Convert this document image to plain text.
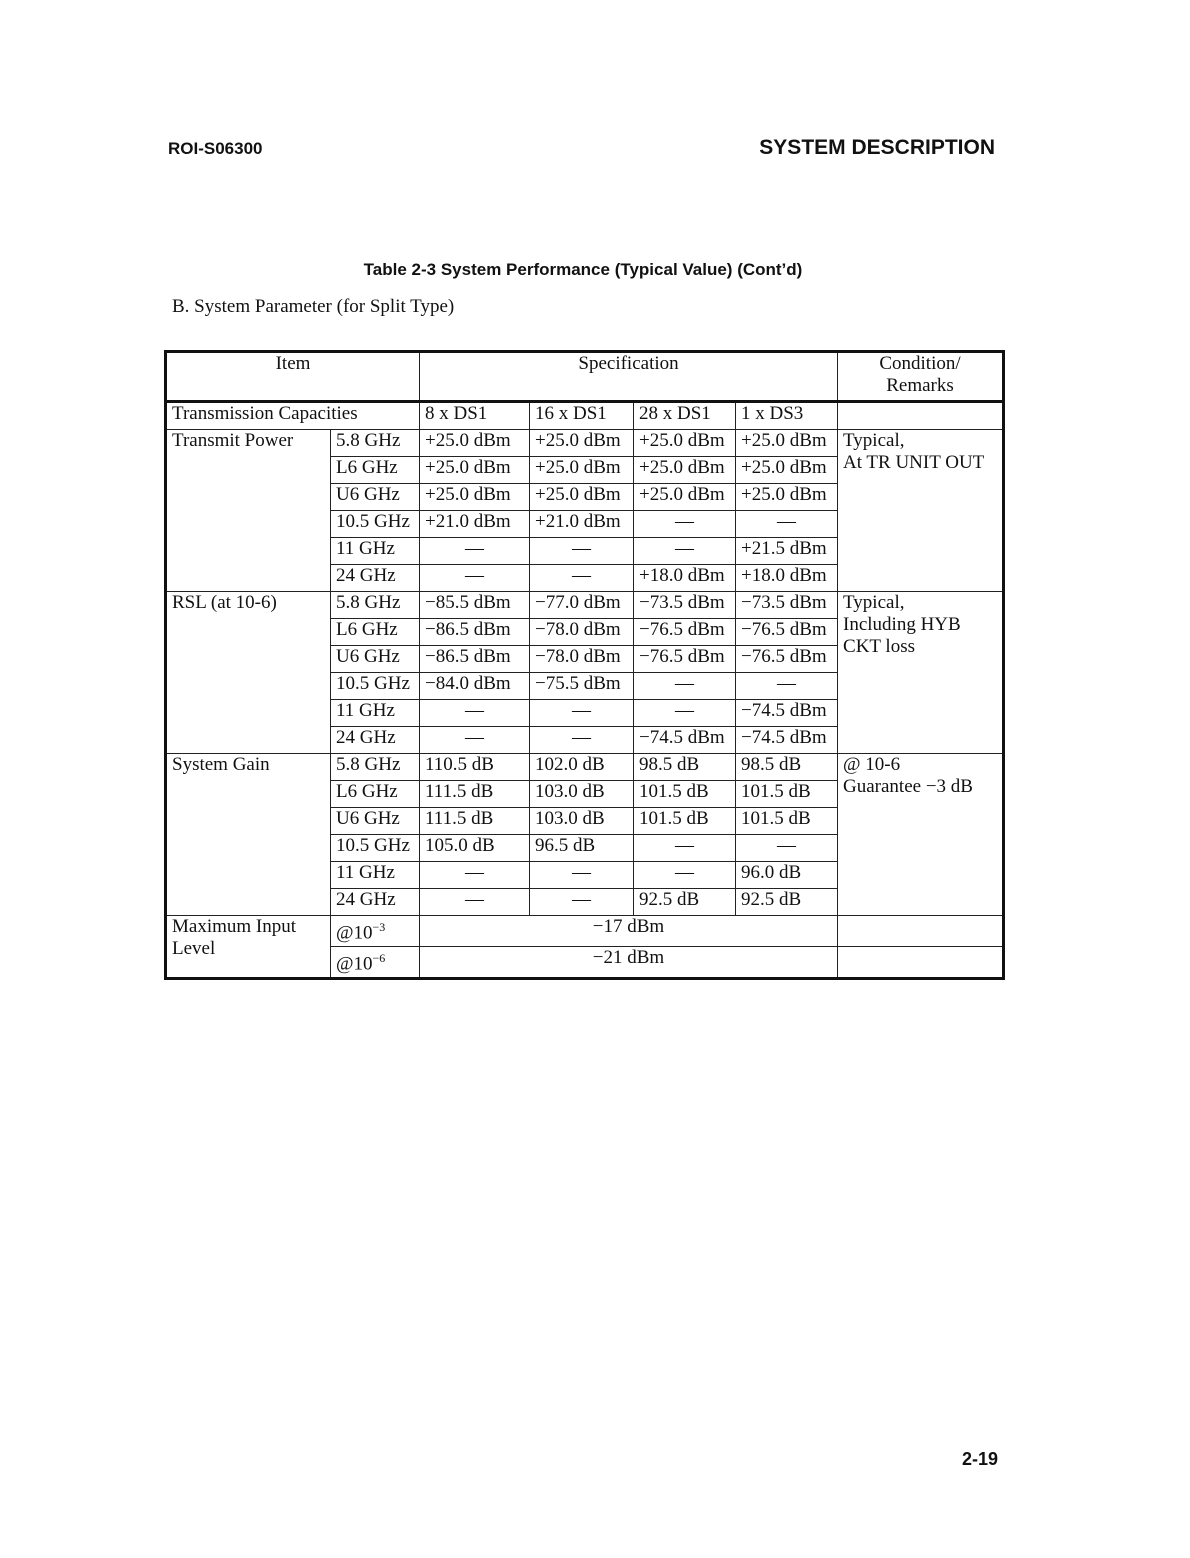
ROI-S06300	SYSTEM DESCRIPTION
Table 2-3 System Performance (Typical Value) (Cont’d)
B. System Parameter (for Split Type)
Item		Specification				Condition/
Remarks

Transmission Capacities		8 x DS1	16 x DS1	28 x DS1	1 x DS3	
Transmit Power	5.8 GHz	+25.0 dBm	+25.0 dBm	+25.0 dBm	+25.0 dBm	Typical,
At TR UNIT OUT

	L6 GHz	+25.0 dBm	+25.0 dBm	+25.0 dBm	+25.0 dBm	
	U6 GHz	+25.0 dBm	+25.0 dBm	+25.0 dBm	+25.0 dBm	
	10.5 GHz	+21.0 dBm	+21.0 dBm	—	—	
	11 GHz	—	—	—	+21.5 dBm	
	24 GHz	—	—	+18.0 dBm	+18.0 dBm	
RSL (at 10-6)	5.8 GHz	−85.5 dBm	−77.0 dBm	−73.5 dBm	−73.5 dBm	Typical,
Including HYB
CKT loss

	L6 GHz	−86.5 dBm	−78.0 dBm	−76.5 dBm	−76.5 dBm	
	U6 GHz	−86.5 dBm	−78.0 dBm	−76.5 dBm	−76.5 dBm	
	10.5 GHz	−84.0 dBm	−75.5 dBm	—	—	
	11 GHz	—	—	—	−74.5 dBm	
	24 GHz	—	—	−74.5 dBm	−74.5 dBm	
System Gain	5.8 GHz	110.5 dB	102.0 dB	98.5 dB	98.5 dB	@ 10-6
Guarantee −3 dB

	L6 GHz	111.5 dB	103.0 dB	101.5 dB	101.5 dB	
	U6 GHz	111.5 dB	103.0 dB	101.5 dB	101.5 dB	
	10.5 GHz	105.0 dB	96.5 dB	—	—	
	11 GHz	—	—	—	96.0 dB	
	24 GHz	—	—	92.5 dB	92.5 dB	

Maximum Input
Level	$@10^{-3}$	−17 dBm				
	$@10^{-6}$	−21 dBm				
2-19
